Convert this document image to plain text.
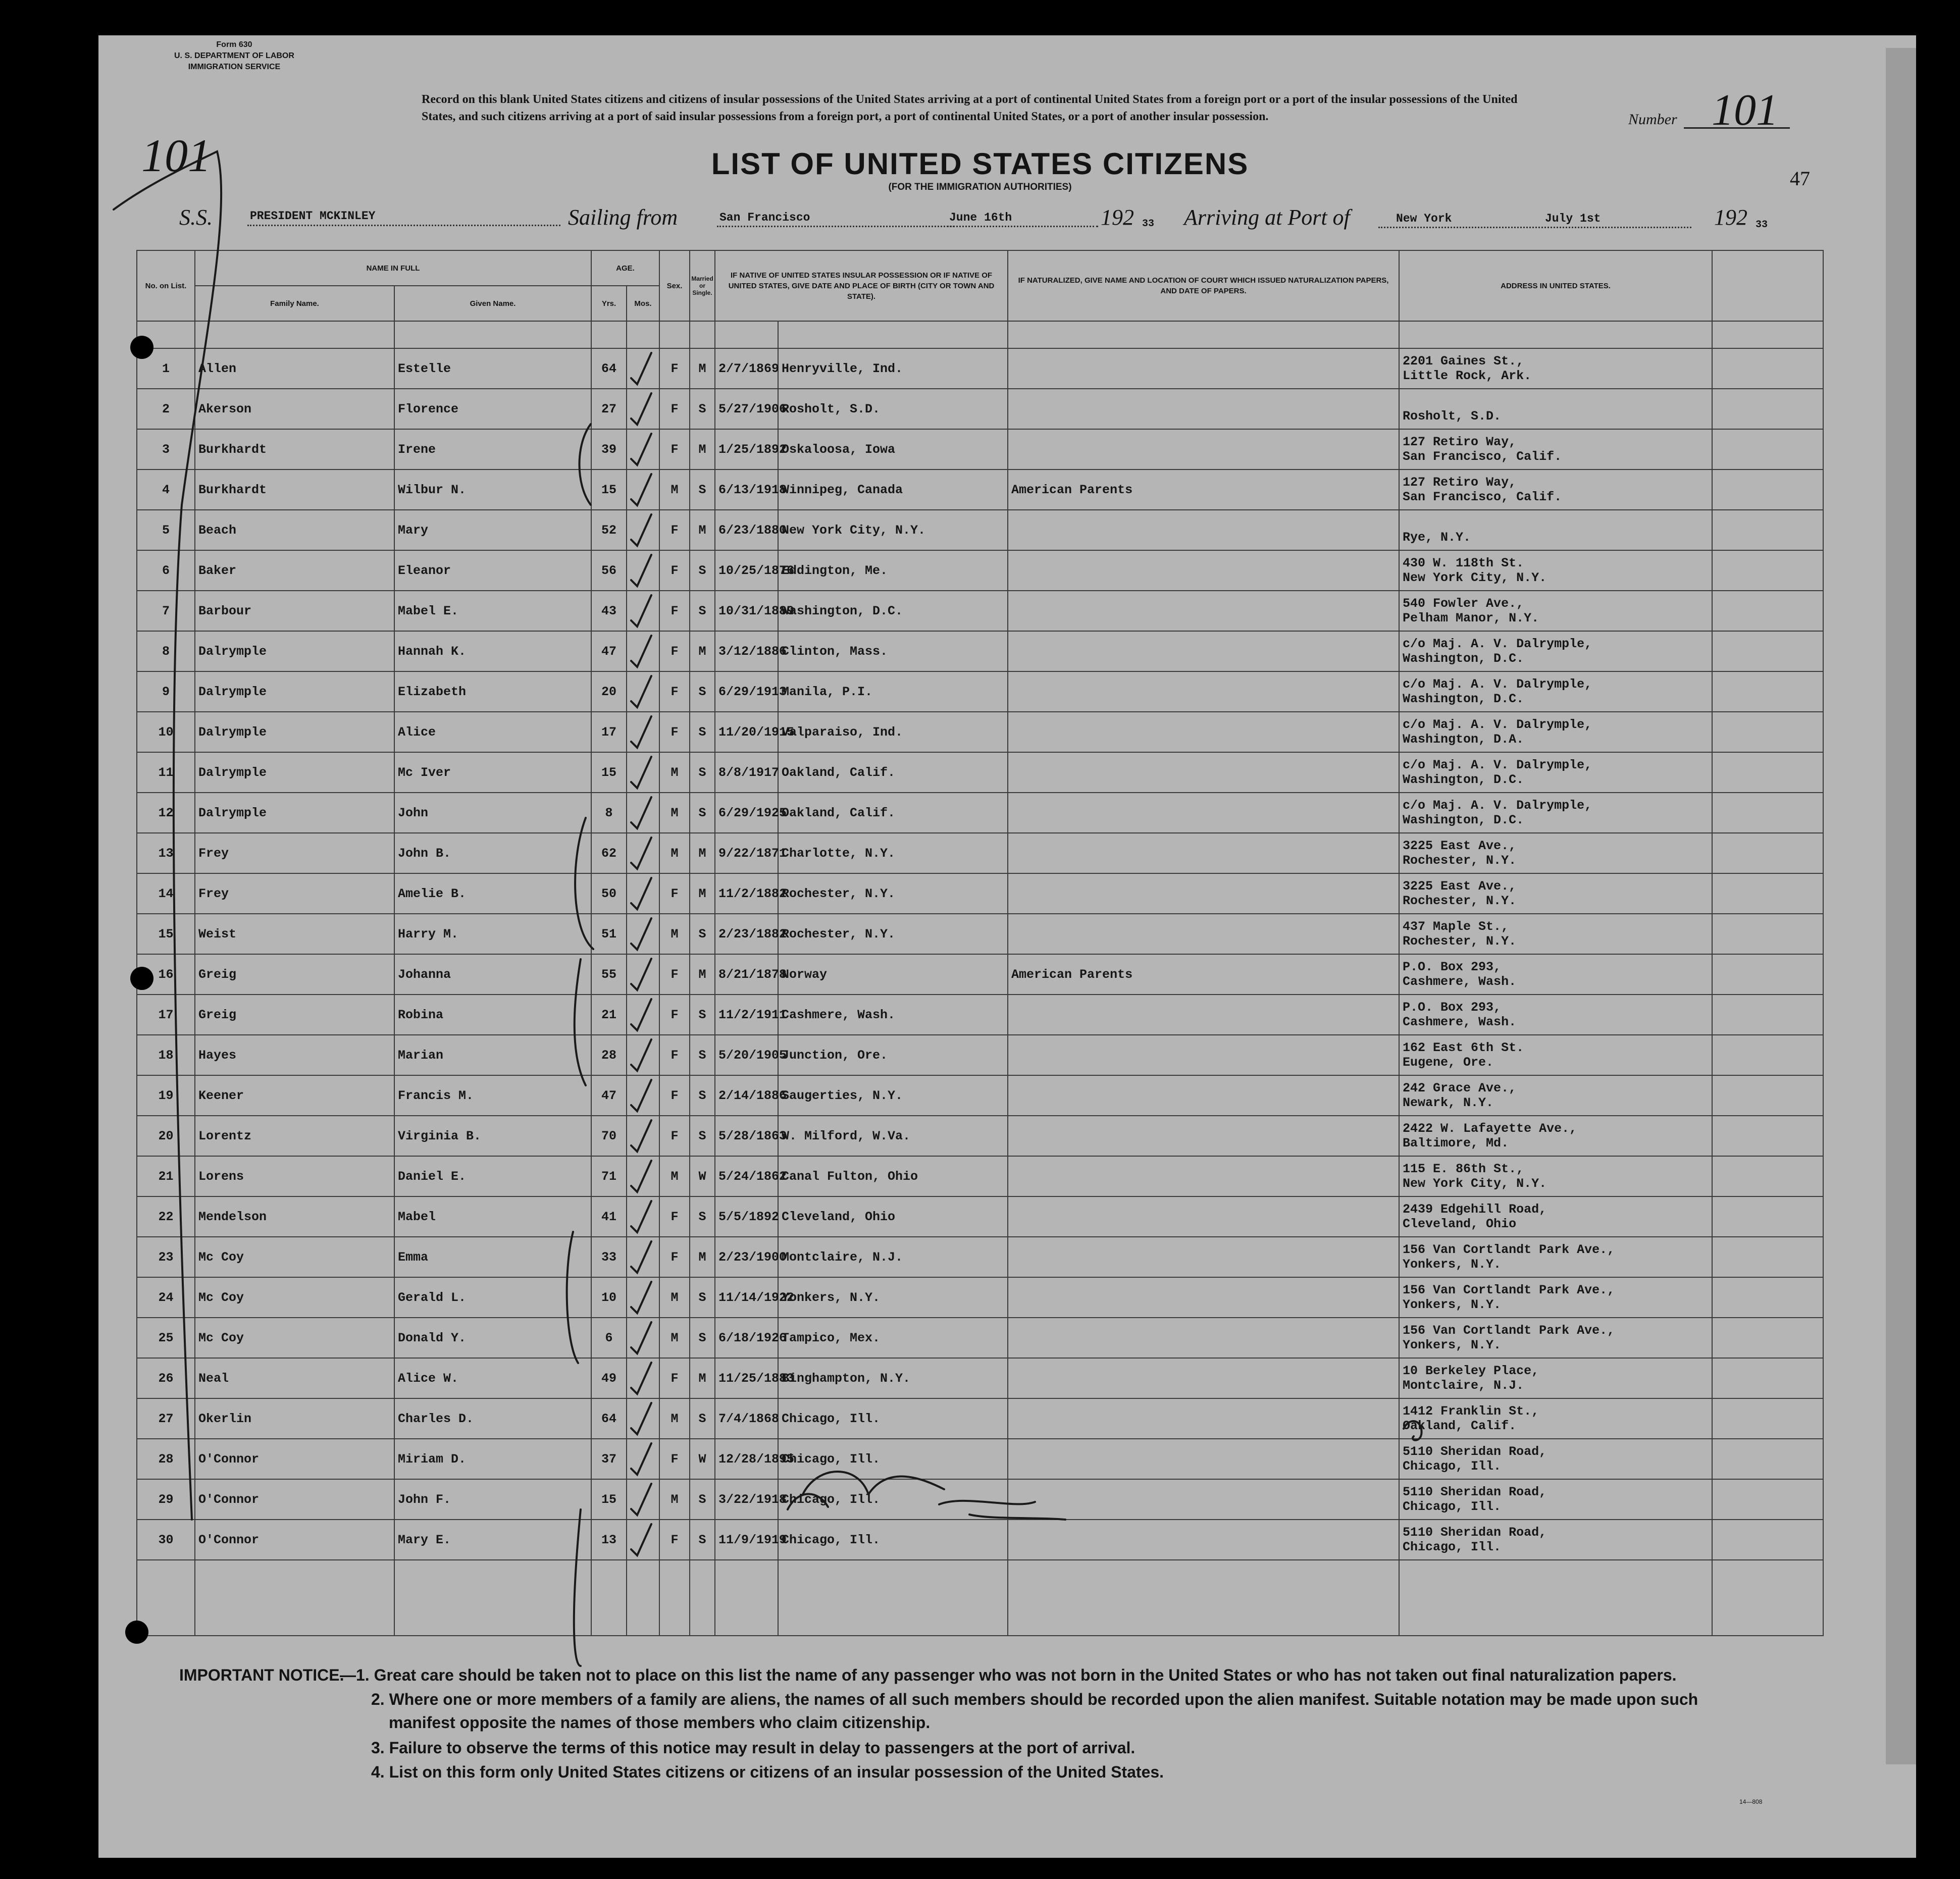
Form 630
U. S. DEPARTMENT OF LABOR
IMMIGRATION SERVICE
Record on this blank United States citizens and citizens of insular possessions of the United States arriving at a port of continental United States from a foreign port or a port of the insular possessions of the United States, and such citizens arriving at a port of said insular possessions from a foreign port, a port of continental United States, or a port of another insular possession.	Number 101
101	LIST OF UNITED STATES CITIZENS
(FOR THE IMMIGRATION AUTHORITIES)	47
S.S.	PRESIDENT MCKINLEY	Sailing from	San Francisco	June 16th	192 33 Arriving at Port of	New York	July 1st	192 33
No. on List.	NAME IN FULL		AGE.		Sex.	Married or Single.	IF NATIVE OF UNITED STATES INSULAR POSSESSION OR IF NATIVE OF UNITED STATES, GIVE DATE AND PLACE OF BIRTH (CITY OR TOWN AND STATE).		IF NATURALIZED, GIVE NAME AND LOCATION OF COURT WHICH ISSUED NATURALIZATION PAPERS, AND DATE OF PAPERS.	ADDRESS IN UNITED STATES.	
	Family Name.	Given Name.	Yrs.	Mos.							

1	Allen	Estelle	64		F	M	2/7/1869	Henryville, Ind.		2201 Gaines St.,
Little Rock, Ark.	

2	Akerson	Florence	27		F	S	5/27/1906	Rosholt, S.D.		Rosholt, S.D.	

3	Burkhardt	Irene	39		F	M	1/25/1892	Oskaloosa, Iowa		127 Retiro Way,
San Francisco, Calif.	

4	Burkhardt	Wilbur N.	15		M	S	6/13/1918	Winnipeg, Canada	American Parents	127 Retiro Way,
San Francisco, Calif.	

5	Beach	Mary	52		F	M	6/23/1880	New York City, N.Y.		Rye, N.Y.	

6	Baker	Eleanor	56		F	S	10/25/1876	Eddington, Me.		430 W. 118th St.
New York City, N.Y.	

7	Barbour	Mabel E.	43		F	S	10/31/1889	Washington, D.C.		540 Fowler Ave.,
Pelham Manor, N.Y.	

8	Dalrymple	Hannah K.	47		F	M	3/12/1886	Clinton, Mass.		c/o Maj. A. V. Dalrymple,
Washington, D.C.	

9	Dalrymple	Elizabeth	20		F	S	6/29/1913	Manila, P.I.		c/o Maj. A. V. Dalrymple,
Washington, D.C.	

10	Dalrymple	Alice	17		F	S	11/20/1915	Valparaiso, Ind.		c/o Maj. A. V. Dalrymple,
Washington, D.A.	

11	Dalrymple	Mc Iver	15		M	S	8/8/1917	Oakland, Calif.		c/o Maj. A. V. Dalrymple,
Washington, D.C.	

12	Dalrymple	John	8		M	S	6/29/1925	Oakland, Calif.		c/o Maj. A. V. Dalrymple,
Washington, D.C.	

13	Frey	John B.	62		M	M	9/22/1871	Charlotte, N.Y.		3225 East Ave.,
Rochester, N.Y.	

14	Frey	Amelie B.	50		F	M	11/2/1882	Rochester, N.Y.		3225 East Ave.,
Rochester, N.Y.	

15	Weist	Harry M.	51		M	S	2/23/1882	Rochester, N.Y.		437 Maple St.,
Rochester, N.Y.	

16	Greig	Johanna	55		F	M	8/21/1878	Norway	American Parents	P.O. Box 293,
Cashmere, Wash.	

17	Greig	Robina	21		F	S	11/2/1911	Cashmere, Wash.		P.O. Box 293,
Cashmere, Wash.	

18	Hayes	Marian	28		F	S	5/20/1905	Junction, Ore.		162 East 6th St.
Eugene, Ore.	

19	Keener	Francis M.	47		F	S	2/14/1886	Saugerties, N.Y.		242 Grace Ave.,
Newark, N.Y.	

20	Lorentz	Virginia B.	70		F	S	5/28/1863	W. Milford, W.Va.		2422 W. Lafayette Ave.,
Baltimore, Md.	

21	Lorens	Daniel E.	71		M	W	5/24/1862	Canal Fulton, Ohio		115 E. 86th St.,
New York City, N.Y.	

22	Mendelson	Mabel	41		F	S	5/5/1892	Cleveland, Ohio		2439 Edgehill Road,
Cleveland, Ohio	

23	Mc Coy	Emma	33		F	M	2/23/1900	Montclaire, N.J.		156 Van Cortlandt Park Ave.,
Yonkers, N.Y.	

24	Mc Coy	Gerald L.	10		M	S	11/14/1922	Yonkers, N.Y.		156 Van Cortlandt Park Ave.,
Yonkers, N.Y.	

25	Mc Coy	Donald Y.	6		M	S	6/18/1926	Tampico, Mex.		156 Van Cortlandt Park Ave.,
Yonkers, N.Y.	

26	Neal	Alice W.	49		F	M	11/25/1883	Binghampton, N.Y.		10 Berkeley Place,
Montclaire, N.J.	

27	Okerlin	Charles D.	64		M	S	7/4/1868	Chicago, Ill.		1412 Franklin St.,
Oakland, Calif.	

28	O'Connor	Miriam D.	37		F	W	12/28/1895	Chicago, Ill.		5110 Sheridan Road,
Chicago, Ill.	

29	O'Connor	John F.	15		M	S	3/22/1918	Chicago, Ill.		5110 Sheridan Road,
Chicago, Ill.	

30	O'Connor	Mary E.	13		F	S	11/9/1919	Chicago, Ill.		5110 Sheridan Road,
Chicago, Ill.	

IMPORTANT NOTICE.
—1. Great care should be taken not to place on this list the name of any passenger who was not born in the United States or who has not taken out final naturalization papers.
2. Where one or more members of a family are aliens, the names of all such members should be recorded upon the alien manifest. Suitable notation may be made upon such
manifest opposite the names of those members who claim citizenship.
3. Failure to observe the terms of this notice may result in delay to passengers at the port of arrival.
4. List on this form only United States citizens or citizens of an insular possession of the United States.
14—808
